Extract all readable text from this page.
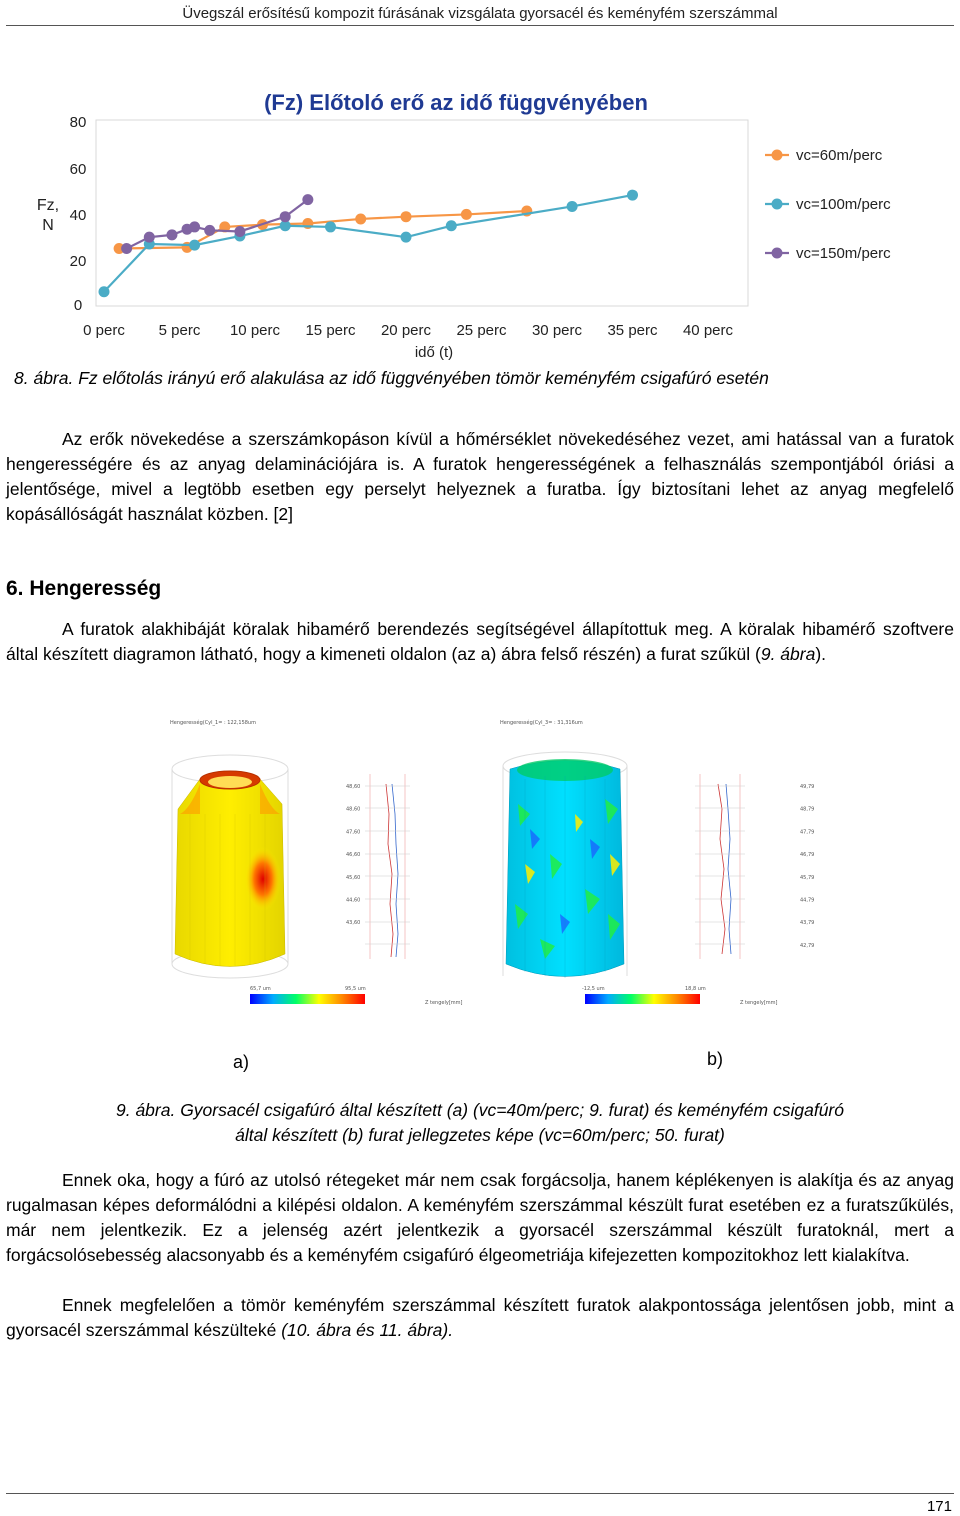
Üvegszál erősítésű kompozit fúrásának vizsgálata gyorsacél és keményfém szerszámmal
(Fz) Előtoló erő az idő függvényében
Fz, N
0
20
40
60
80
0 perc 5 perc 10 perc 15 perc 20 perc 25 perc 30 perc 35 perc 40 perc
idő (t)
vc=60m/perc
vc=100m/perc
vc=150m/perc
8. ábra. Fz előtolás irányú erő alakulása az idő függvényében tömör keményfém csigafúró esetén
Az erők növekedése a szerszámkopáson kívül a hőmérséklet növekedéséhez vezet, ami hatással van a furatok hengerességére és az anyag delaminációjára is. A furatok hengerességének a felhasználás szempontjából óriási a jelentősége, mivel a legtöbb esetben egy perselyt helyeznek a furatba. Így biztosítani lehet az anyag megfelelő kopásállóságát használat közben. [2]
6. Hengeresség
A furatok alakhibáját köralak hibamérő berendezés segítségével állapítottuk meg. A köralak hibamérő szoftvere által készített diagramon látható, hogy a kimeneti oldalon (az a) ábra felső részén) a furat szűkül (9. ábra).
Hengeresség(Cyl_1= : 122,158um
48,60
48,60
47,60
46,60
45,60
44,60
43,60
65,7 um	95,5 um
Z tengely[mm]
Hengeresség(Cyl_3= : 31,316um
49,79
48,79
47,79
46,79
45,79
44,79
43,79
42,79
-12,5 um	18,8 um
Z tengely[mm]
a)	b)
9. ábra. Gyorsacél csigafúró által készített (a) (vc=40m/perc; 9. furat) és keményfém csigafúró
által készített (b) furat jellegzetes képe (vc=60m/perc; 50. furat)
Ennek oka, hogy a fúró az utolsó rétegeket már nem csak forgácsolja, hanem képlékenyen is alakítja és az anyag rugalmasan képes deformálódni a kilépési oldalon. A keményfém szerszámmal készült furat esetében ez a furatszűkülés, már nem jelentkezik. Ez a jelenség azért jelentkezik a gyorsacél szerszámmal készült furatoknál, mert a forgácsolósebesség alacsonyabb és a keményfém csigafúró élgeometriája kifejezetten kompozitokhoz lett kialakítva.
Ennek megfelelően a tömör keményfém szerszámmal készített furatok alakpontossága jelentősen jobb, mint a gyorsacél szerszámmal készülteké (10. ábra és 11. ábra).
171
